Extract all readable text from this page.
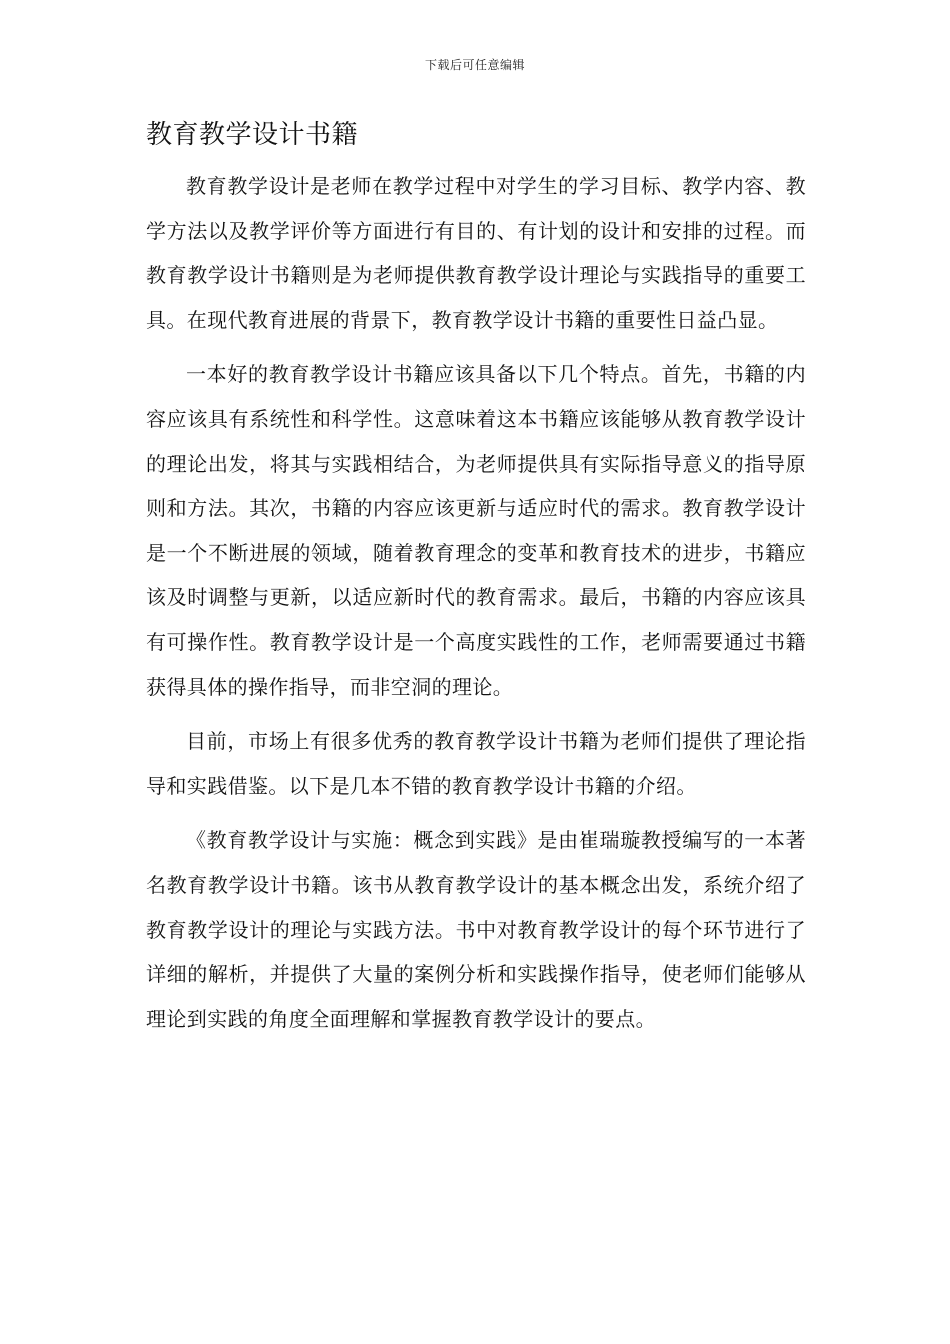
下载后可任意编辑
教育教学设计书籍

教育教学设计是老师在教学过程中对学生的学习目标、教学内容、教学方法以及教学评价等方面进行有目的、有计划的设计和安排的过程。而教育教学设计书籍则是为老师提供教育教学设计理论与实践指导的重要工具。在现代教育进展的背景下，教育教学设计书籍的重要性日益凸显。

一本好的教育教学设计书籍应该具备以下几个特点。首先，书籍的内容应该具有系统性和科学性。这意味着这本书籍应该能够从教育教学设计的理论出发，将其与实践相结合，为老师提供具有实际指导意义的指导原则和方法。其次，书籍的内容应该更新与适应时代的需求。教育教学设计是一个不断进展的领域，随着教育理念的变革和教育技术的进步，书籍应该及时调整与更新，以适应新时代的教育需求。最后，书籍的内容应该具有可操作性。教育教学设计是一个高度实践性的工作，老师需要通过书籍获得具体的操作指导，而非空洞的理论。

目前，市场上有很多优秀的教育教学设计书籍为老师们提供了理论指导和实践借鉴。以下是几本不错的教育教学设计书籍的介绍。

《教育教学设计与实施：概念到实践》是由崔瑞璇教授编写的一本著名教育教学设计书籍。该书从教育教学设计的基本概念出发，系统介绍了教育教学设计的理论与实践方法。书中对教育教学设计的每个环节进行了详细的解析，并提供了大量的案例分析和实践操作指导，使老师们能够从理论到实践的角度全面理解和掌握教育教学设计的要点。
